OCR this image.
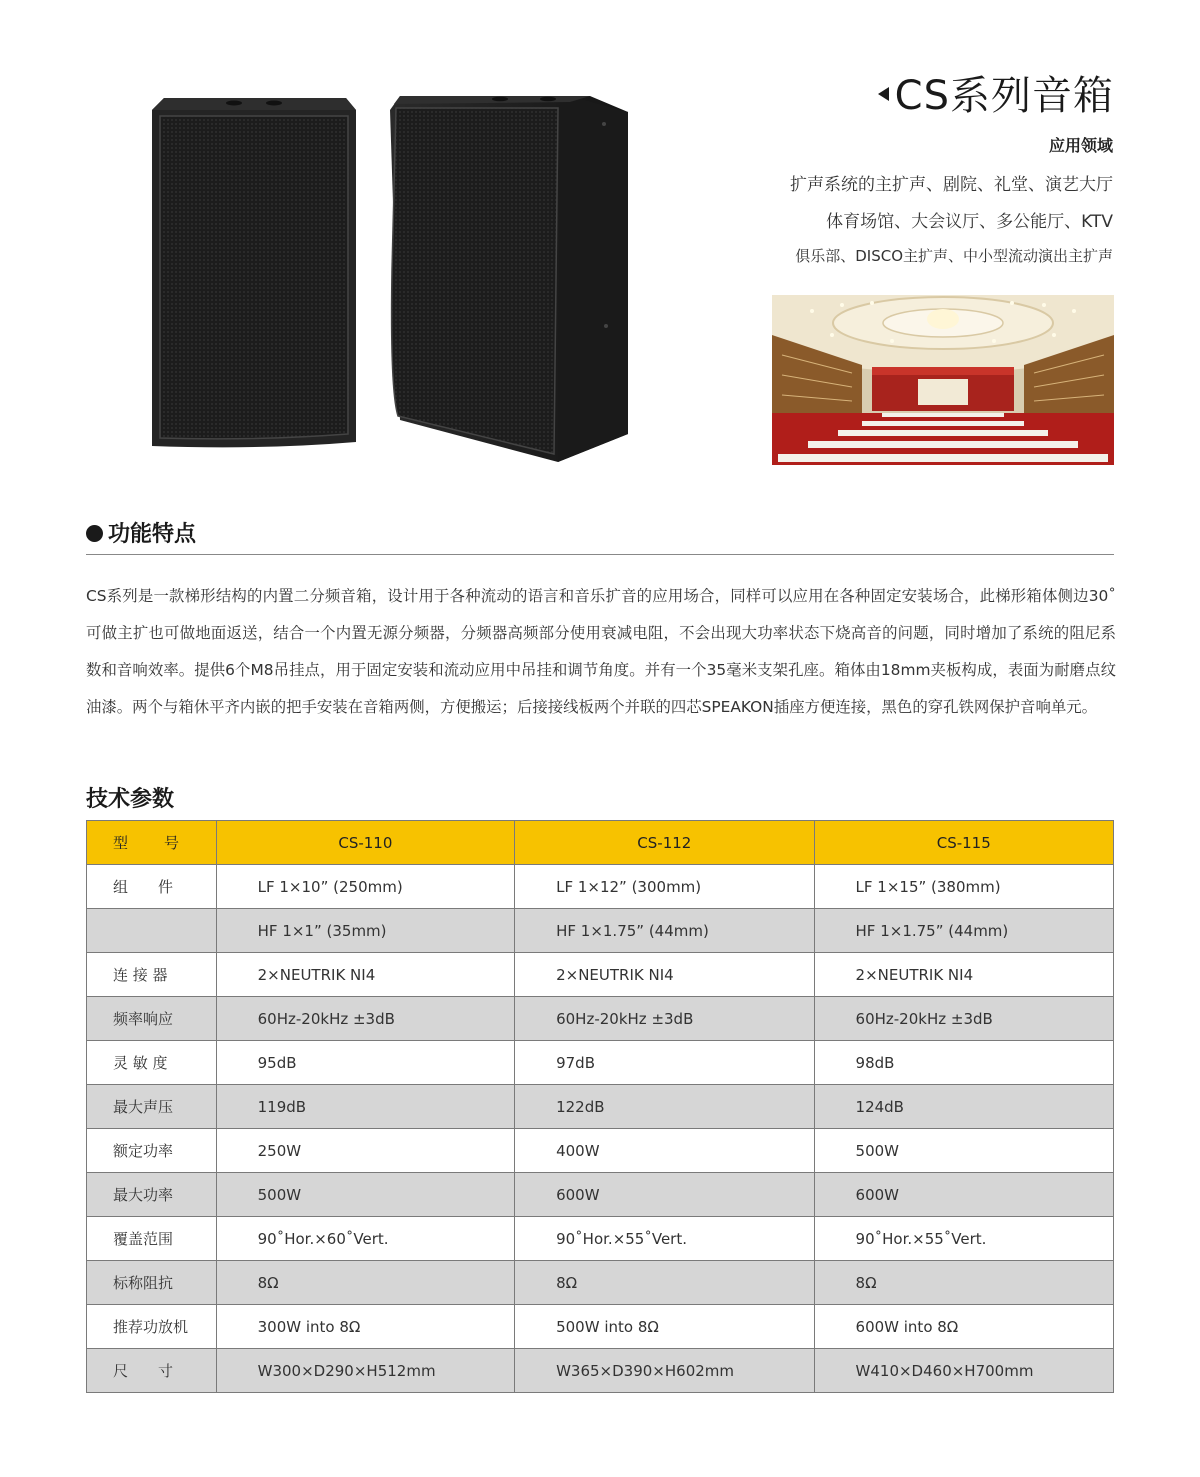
CS系列音箱
应用领域
扩声系统的主扩声、剧院、礼堂、演艺大厅
体育场馆、大会议厅、多公能厅、KTV
俱乐部、DISCO主扩声、中小型流动演出主扩声
功能特点
CS系列是一款梯形结构的内置二分频音箱，设计用于各种流动的语言和音乐扩音的应用场合，同样可以应用在各种固定安装场合，此梯形箱体侧边30˚可做主扩也可做地面返送，结合一个内置无源分频器，分频器高频部分使用衰减电阻，不会出现大功率状态下烧高音的问题，同时增加了系统的阻尼系数和音响效率。提供6个M8吊挂点，用于固定安装和流动应用中吊挂和调节角度。并有一个35毫米支架孔座。箱体由18mm夹板构成，表面为耐磨点纹油漆。两个与箱休平齐内嵌的把手安装在音箱两侧，方便搬运；后接接线板两个并联的四芯SPEAKON插座方便连接，黑色的穿孔铁网保护音响单元。
技术参数
型　　号	CS-110	CS-112	CS-115
组　　件	LF 1×10” (250mm)	LF 1×12” (300mm)	LF 1×15” (380mm)
	HF 1×1” (35mm)	HF 1×1.75” (44mm)	HF 1×1.75” (44mm)
连 接 器	2×NEUTRIK NI4	2×NEUTRIK NI4	2×NEUTRIK NI4
频率响应	60Hz-20kHz ±3dB	60Hz-20kHz ±3dB	60Hz-20kHz ±3dB
灵 敏 度	95dB	97dB	98dB
最大声压	119dB	122dB	124dB
额定功率	250W	400W	500W
最大功率	500W	600W	600W
覆盖范围	90˚Hor.×60˚Vert.	90˚Hor.×55˚Vert.	90˚Hor.×55˚Vert.
标称阻抗	8Ω	8Ω	8Ω
推荐功放机	300W into 8Ω	500W into 8Ω	600W into 8Ω
尺　　寸	W300×D290×H512mm	W365×D390×H602mm	W410×D460×H700mm
